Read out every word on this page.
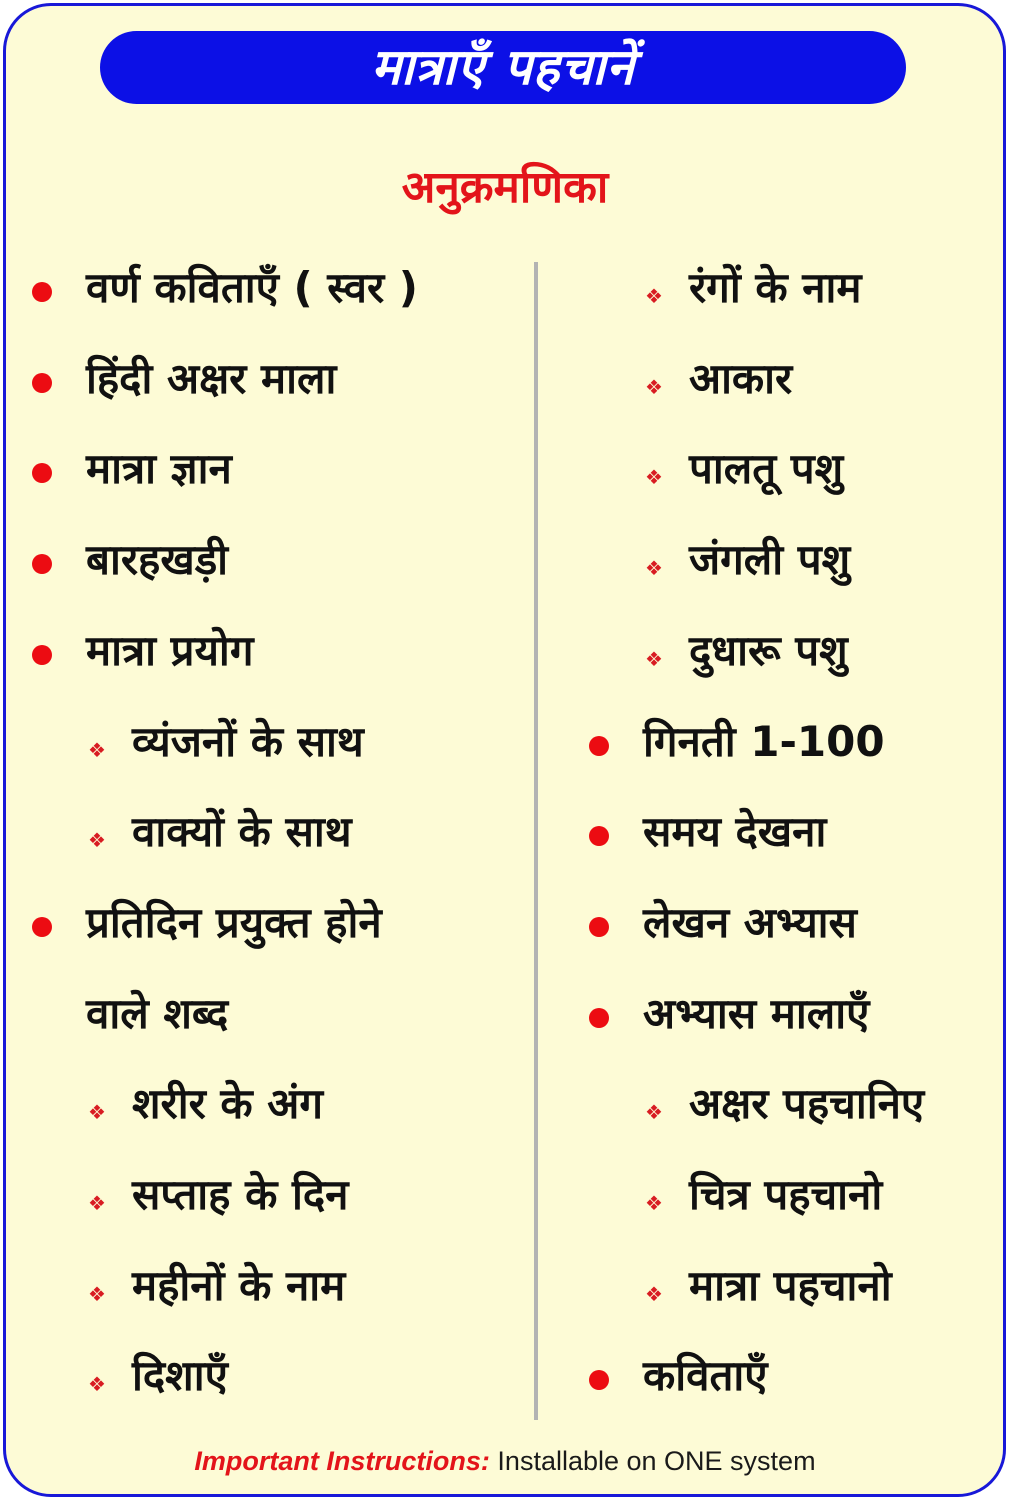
मात्राएँ पहचानें
अनुक्रमणिका
वर्ण कविताएँ ( स्वर )
हिंदी अक्षर माला
मात्रा ज्ञान
बारहखड़ी
मात्रा प्रयोग
❖ व्यंजनों के साथ
❖ वाक्यों के साथ
प्रतिदिन प्रयुक्त होने
वाले शब्द
❖ शरीर के अंग
❖ सप्ताह के दिन
❖ महीनों के नाम
❖ दिशाएँ
❖ रंगों के नाम
❖ आकार
❖ पालतू पशु
❖ जंगली पशु
❖ दुधारू पशु
गिनती 1-100
समय देखना
लेखन अभ्यास
अभ्यास मालाएँ
❖ अक्षर पहचानिए
❖ चित्र पहचानो
❖ मात्रा पहचानो
कविताएँ
Important Instructions: Installable on ONE system
